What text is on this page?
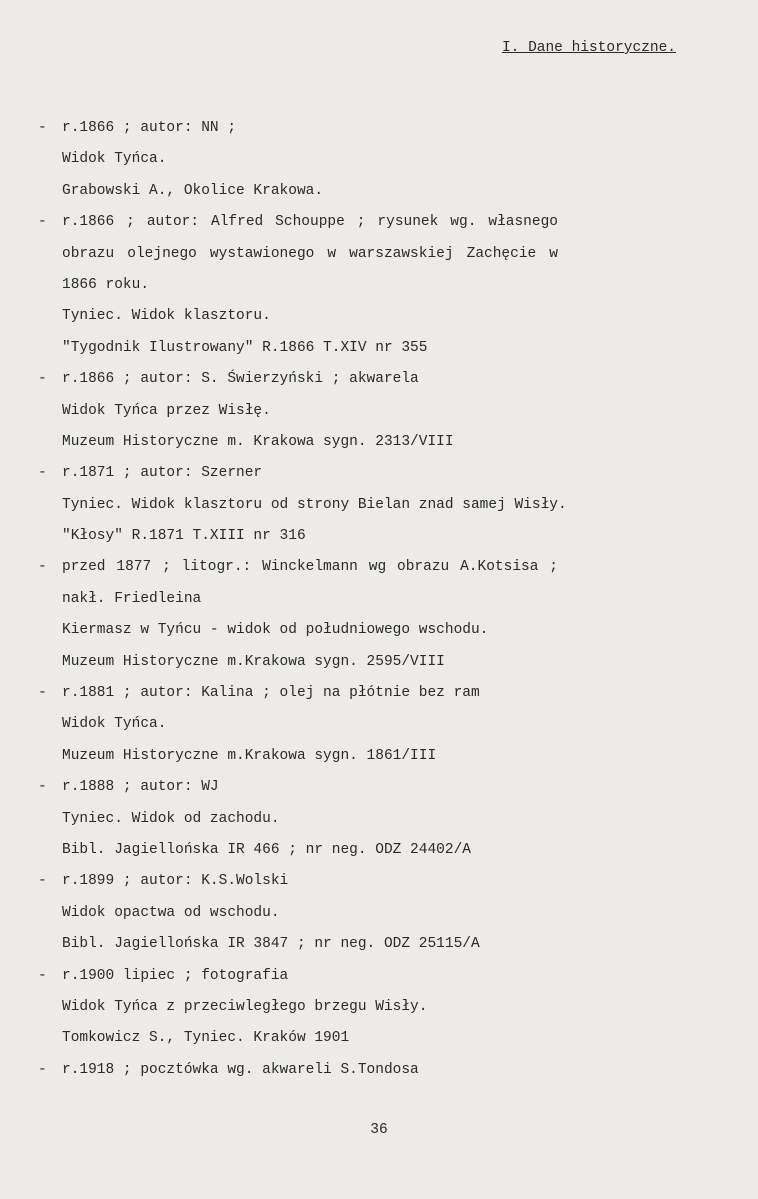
I. Dane historyczne.
-	r.1866 ; autor: NN ;
Widok Tyńca.
Grabowski A., Okolice Krakowa.
-	r.1866 ; autor: Alfred Schouppe ; rysunek wg. własnego
obrazu olejnego wystawionego w warszawskiej Zachęcie w
1866 roku.
Tyniec. Widok klasztoru.
"Tygodnik Ilustrowany" R.1866 T.XIV nr 355
-	r.1866 ; autor: S. Świerzyński ; akwarela
Widok Tyńca przez Wisłę.
Muzeum Historyczne m. Krakowa sygn. 2313/VIII
-	r.1871 ; autor: Szerner
Tyniec. Widok klasztoru od strony Bielan znad samej Wisły.
"Kłosy" R.1871 T.XIII nr 316
-	przed 1877 ; litogr.: Winckelmann wg obrazu A.Kotsisa ;
nakł. Friedleina
Kiermasz w Tyńcu - widok od południowego wschodu.
Muzeum Historyczne m.Krakowa sygn. 2595/VIII
-	r.1881 ; autor: Kalina ; olej na płótnie bez ram
Widok Tyńca.
Muzeum Historyczne m.Krakowa sygn. 1861/III
-	r.1888 ; autor: WJ
Tyniec. Widok od zachodu.
Bibl. Jagiellońska IR 466 ; nr neg. ODZ 24402/A
-	r.1899 ; autor: K.S.Wolski
Widok opactwa od wschodu.
Bibl. Jagiellońska IR 3847 ; nr neg. ODZ 25115/A
-	r.1900 lipiec ; fotografia
Widok Tyńca z przeciwległego brzegu Wisły.
Tomkowicz S., Tyniec. Kraków 1901
-	r.1918 ; pocztówka wg. akwareli S.Tondosa
36
